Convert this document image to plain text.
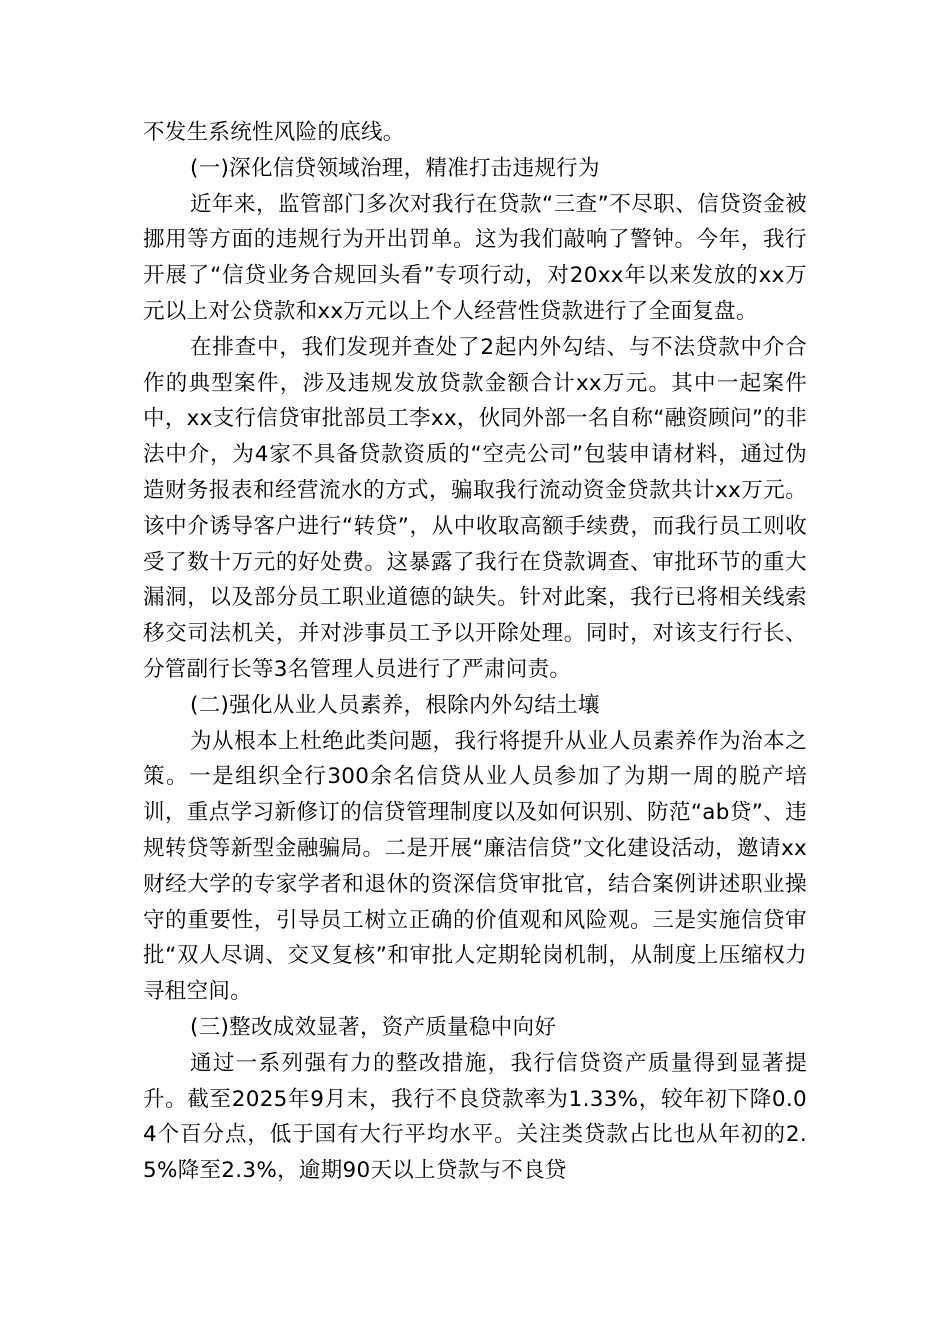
不发生系统性风险的底线。

(一)深化信贷领域治理，精准打击违规行为

近年来，监管部门多次对我行在贷款“三查”不尽职、信贷资金被挪用等方面的违规行为开出罚单。这为我们敲响了警钟。今年，我行开展了“信贷业务合规回头看”专项行动，对20xx年以来发放的xx万元以上对公贷款和xx万元以上个人经营性贷款进行了全面复盘。

在排查中，我们发现并查处了2起内外勾结、与不法贷款中介合作的典型案件，涉及违规发放贷款金额合计xx万元。其中一起案件中，xx支行信贷审批部员工李xx，伙同外部一名自称“融资顾问”的非法中介，为4家不具备贷款资质的“空壳公司”包装申请材料，通过伪造财务报表和经营流水的方式，骗取我行流动资金贷款共计xx万元。该中介诱导客户进行“转贷”，从中收取高额手续费，而我行员工则收受了数十万元的好处费。这暴露了我行在贷款调查、审批环节的重大漏洞，以及部分员工职业道德的缺失。针对此案，我行已将相关线索移交司法机关，并对涉事员工予以开除处理。同时，对该支行行长、分管副行长等3名管理人员进行了严肃问责。

(二)强化从业人员素养，根除内外勾结土壤

为从根本上杜绝此类问题，我行将提升从业人员素养作为治本之策。一是组织全行300余名信贷从业人员参加了为期一周的脱产培训，重点学习新修订的信贷管理制度以及如何识别、防范“ab贷”、违规转贷等新型金融骗局。二是开展“廉洁信贷”文化建设活动，邀请xx财经大学的专家学者和退休的资深信贷审批官，结合案例讲述职业操守的重要性，引导员工树立正确的价值观和风险观。三是实施信贷审批“双人尽调、交叉复核”和审批人定期轮岗机制，从制度上压缩权力寻租空间。

(三)整改成效显著，资产质量稳中向好

通过一系列强有力的整改措施，我行信贷资产质量得到显著提升。截至2025年9月末，我行不良贷款率为1.33%，较年初下降0.04个百分点，低于国有大行平均水平。关注类贷款占比也从年初的2.5%降至2.3%，逾期90天以上贷款与不良贷
